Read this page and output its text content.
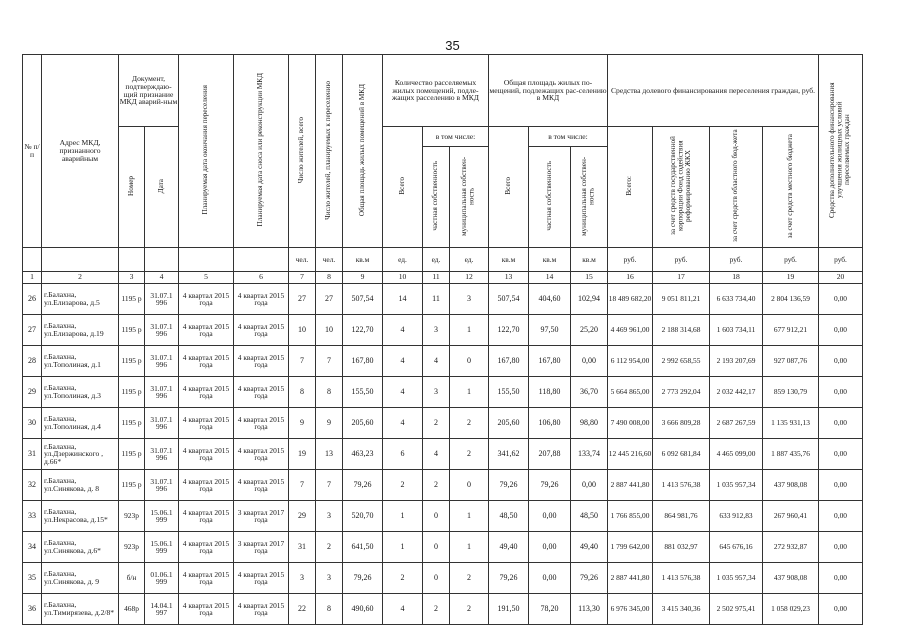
35
№ п/ п	Адрес МКД, признанного аварийным	Документ, подтверждаю-щий признание МКД аварий-ным		Планируемая дата окончания переселения	Планируемая дата сноса или реконструкции МКД	Число жителей, всего	Число жителей, планируемых к переселению	Общая площадь жилых помещений в МКД	Количество расселяемых жилых помещений, подле-жащих расселению в МКД			Общая площадь жилых по-мещений, подлежащих рас-селению в МКД			Средства долевого финансирования переселения граждан, руб.				Средства дополнительного финансирования улучшения жилищных условий переселяемых граждан
		Номер	Дата						Всего	в том числе:		Всего	в том числе:		Всего:	за счет средств государственной корпорации Фонд содействия реформированию ЖКХ	за счет средств областного бюд-жета	за счет средств местного бюджета	
										частная собственность	муниципальная собствен-ность		частная собственность	муниципальная собствен-ность					
						чел.	чел.	кв.м	ед.	ед.	ед.	кв.м	кв.м	кв.м	руб.	руб.	руб.	руб.	руб.
1	2	3	4	5	6	7	8	9	10	11	12	13	14	15	16	17	18	19	20
26	г.Балахна, ул.Елизарова, д.5	1195 р	31.07.1 996	4 квартал 2015 года	4 квартал 2015 года	27	27	507,54	14	11	3	507,54	404,60	102,94	18 489 682,20	9 051 811,21	6 633 734,40	2 804 136,59	0,00
27	г.Балахна, ул.Елизарова, д.19	1195 р	31.07.1 996	4 квартал 2015 года	4 квартал 2015 года	10	10	122,70	4	3	1	122,70	97,50	25,20	4 469 961,00	2 188 314,68	1 603 734,11	677 912,21	0,00
28	г.Балахна, ул.Тополиная, д.1	1195 р	31.07.1 996	4 квартал 2015 года	4 квартал 2015 года	7	7	167,80	4	4	0	167,80	167,80	0,00	6 112 954,00	2 992 658,55	2 193 207,69	927 087,76	0,00
29	г.Балахна, ул.Тополиная, д.3	1195 р	31.07.1 996	4 квартал 2015 года	4 квартал 2015 года	8	8	155,50	4	3	1	155,50	118,80	36,70	5 664 865,00	2 773 292,04	2 032 442,17	859 130,79	0,00
30	г.Балахна, ул.Тополиная, д.4	1195 р	31.07.1 996	4 квартал 2015 года	4 квартал 2015 года	9	9	205,60	4	2	2	205,60	106,80	98,80	7 490 008,00	3 666 809,28	2 687 267,59	1 135 931,13	0,00
31	г.Балахна, ул.Дзержинского , д.66*	1195 р	31.07.1 996	4 квартал 2015 года	4 квартал 2015 года	19	13	463,23	6	4	2	341,62	207,88	133,74	12 445 216,60	6 092 681,84	4 465 099,00	1 887 435,76	0,00
32	г.Балахна, ул.Синякова, д. 8	1195 р	31.07.1 996	4 квартал 2015 года	4 квартал 2015 года	7	7	79,26	2	2	0	79,26	79,26	0,00	2 887 441,80	1 413 576,38	1 035 957,34	437 908,08	0,00
33	г.Балахна, ул.Некрасова, д.15*	923р	15.06.1 999	4 квартал 2015 года	3 квартал 2017 года	29	3	520,70	1	0	1	48,50	0,00	48,50	1 766 855,00	864 981,76	633 912,83	267 960,41	0,00
34	г.Балахна, ул.Синякова, д.6*	923р	15.06.1 999	4 квартал 2015 года	3 квартал 2017 года	31	2	641,50	1	0	1	49,40	0,00	49,40	1 799 642,00	881 032,97	645 676,16	272 932,87	0,00
35	г.Балахна, ул.Синякова, д. 9	б/н	01.06.1 999	4 квартал 2015 года	4 квартал 2015 года	3	3	79,26	2	0	2	79,26	0,00	79,26	2 887 441,80	1 413 576,38	1 035 957,34	437 908,08	0,00
36	г.Балахна, ул.Тимирязева, д.2/8*	468р	14.04.1 997	4 квартал 2015 года	4 квартал 2015 года	22	8	490,60	4	2	2	191,50	78,20	113,30	6 976 345,00	3 415 340,36	2 502 975,41	1 058 029,23	0,00
